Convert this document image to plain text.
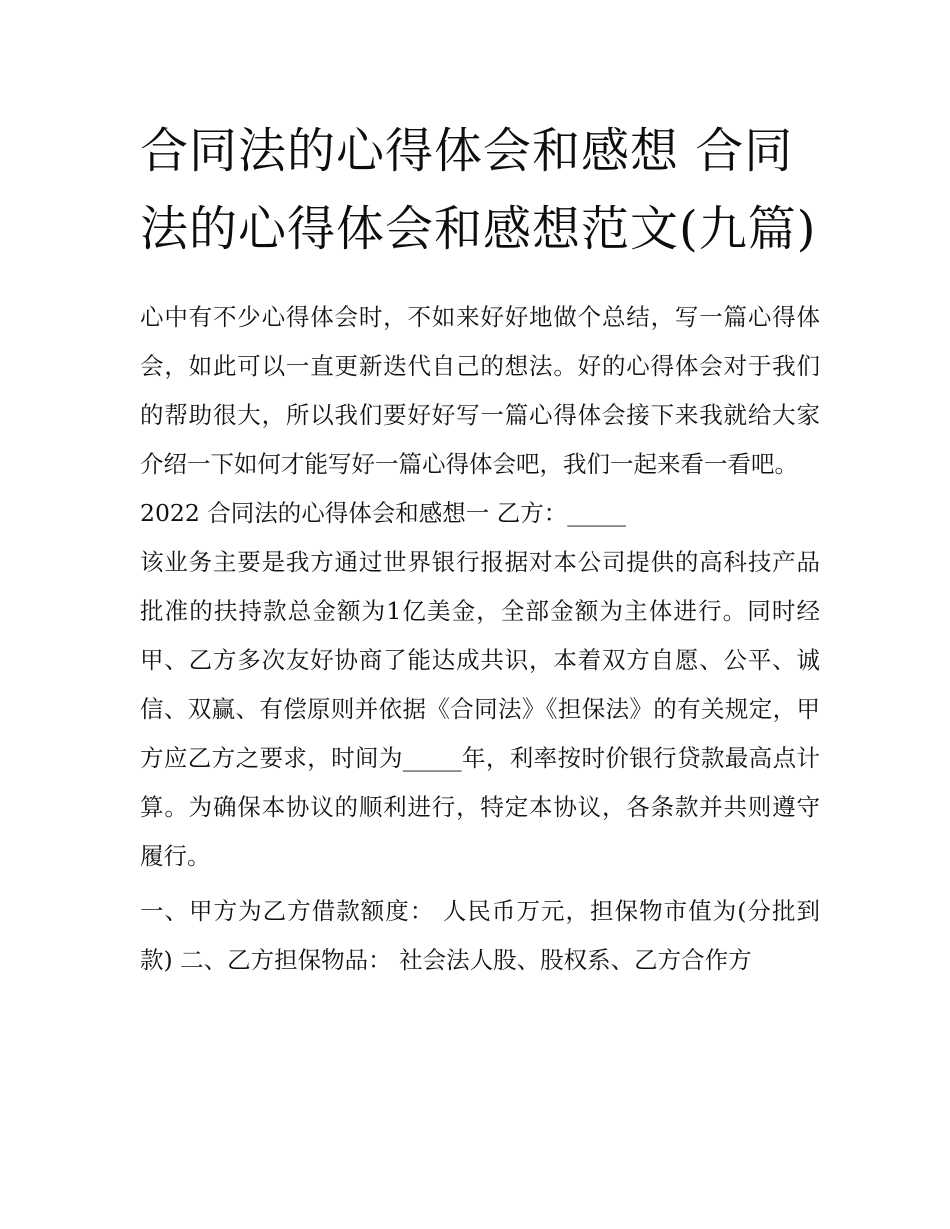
合同法的心得体会和感想 合同法的心得体会和感想范文(九篇)

心中有不少心得体会时，不如来好好地做个总结，写一篇心得体会，如此可以一直更新迭代自己的想法。好的心得体会对于我们的帮助很大，所以我们要好好写一篇心得体会接下来我就给大家介绍一下如何才能写好一篇心得体会吧，我们一起来看一看吧。

2022 合同法的心得体会和感想一 乙方：_____

该业务主要是我方通过世界银行报据对本公司提供的高科技产品批准的扶持款总金额为1亿美金，全部金额为主体进行。同时经甲、乙方多次友好协商了能达成共识，本着双方自愿、公平、诚信、双赢、有偿原则并依据《合同法》《担保法》的有关规定，甲方应乙方之要求，时间为_____年，利率按时价银行贷款最高点计算。为确保本协议的顺利进行，特定本协议，各条款并共则遵守履行。

一、甲方为乙方借款额度： 人民币万元，担保物市值为(分批到款) 二、乙方担保物品： 社会法人股、股权系、乙方合作方
